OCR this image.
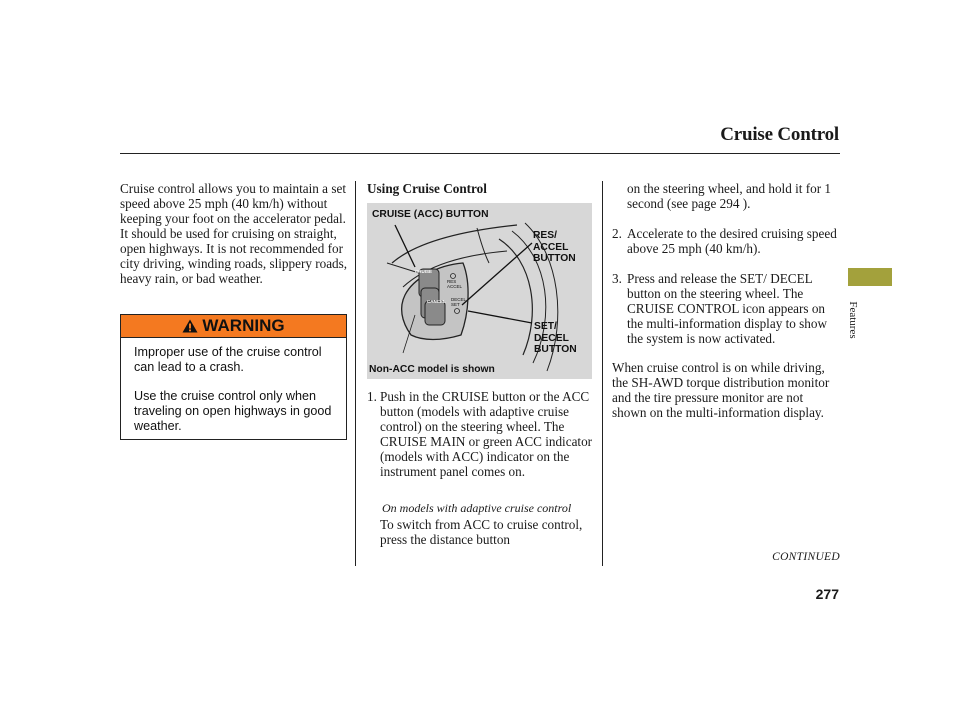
Cruise Control

Cruise control allows you to maintain a set speed above 25 mph (40 km/h) without keeping your foot on the accelerator pedal. It should be used for cruising on straight, open highways. It is not recommended for city driving, winding roads, slippery roads, heavy rain, or bad weather.

WARNING

Improper use of the cruise control can lead to a crash.

Use the cruise control only when traveling on open highways in good weather.

Using Cruise Control
CRUISE
CANCEL
RES
ACCEL
DECEL
SET
CRUISE (ACC) BUTTON
RES/
ACCEL
BUTTON
SET/
DECEL
BUTTON
Non-ACC model is shown
1. Push in the CRUISE button or the ACC button (models with adaptive cruise control) on the steering wheel. The CRUISE MAIN or green ACC indicator (models with ACC) indicator on the instrument panel comes on.
On models with adaptive cruise control
To switch from ACC to cruise control, press the distance button
on the steering wheel, and hold it for 1 second (see page 294 ).
2. Accelerate to the desired cruising speed above 25 mph (40 km/h).
3. Press and release the SET/ DECEL button on the steering wheel. The CRUISE CONTROL icon appears on the multi-information display to show the system is now activated.

When cruise control is on while driving, the SH-AWD torque distribution monitor and the tire pressure monitor are not shown on the multi-information display.

Features
CONTINUED
277
